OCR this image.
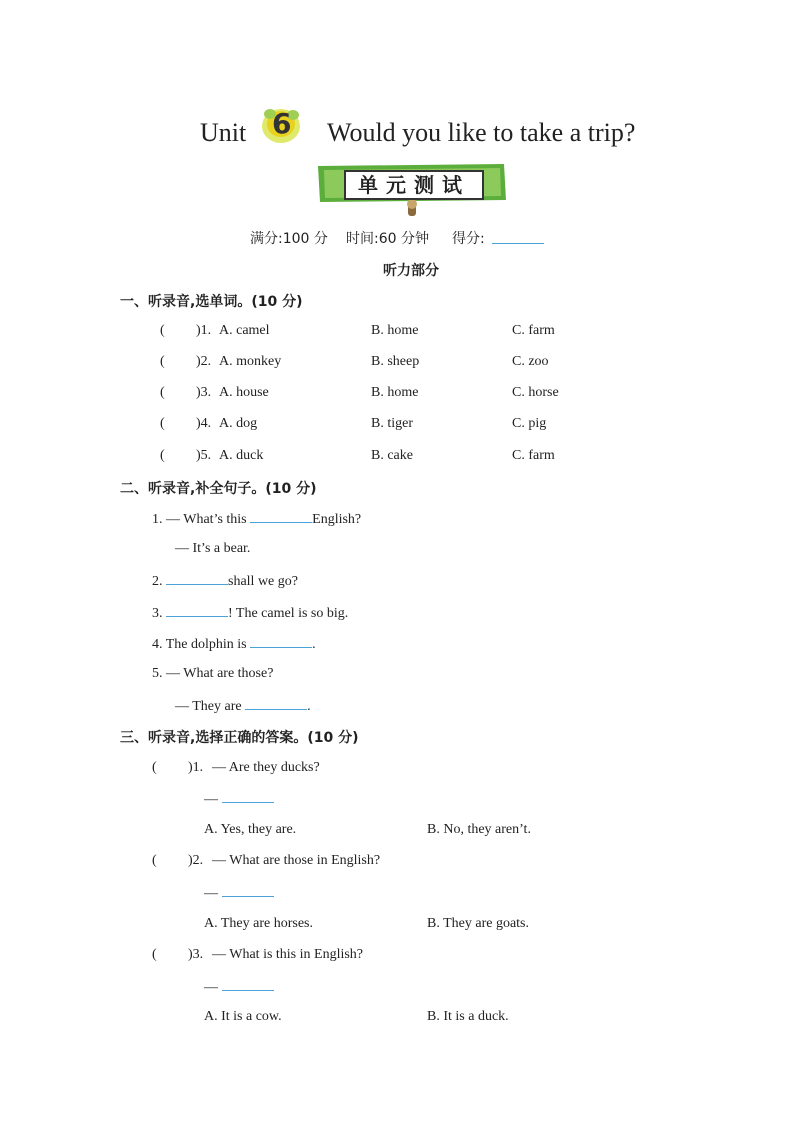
Unit 6 Would you like to take a trip?
单元测试
满分:100 分 时间:60 分钟 得分:
听力部分
一、听录音,选单词。(10 分)
( )1. A. camel	B. home	C. farm
( )2. A. monkey	B. sheep	C. zoo
( )3. A. house	B. home	C. horse
( )4. A. dog	B. tiger	C. pig
( )5. A. duck	B. cake	C. farm
二、听录音,补全句子。(10 分)
1. — What’s this	English?
— It’s a bear.
2.	shall we go?
3.	! The camel is so big.
4. The dolphin is	.
5. — What are those?
— They are	.
三、听录音,选择正确的答案。(10 分)
( )1. — Are they ducks?
—
A. Yes, they are.	B. No, they aren’t.
( )2. — What are those in English?
—
A. They are horses.	B. They are goats.
( )3. — What is this in English?
—
A. It is a cow.	B. It is a duck.
